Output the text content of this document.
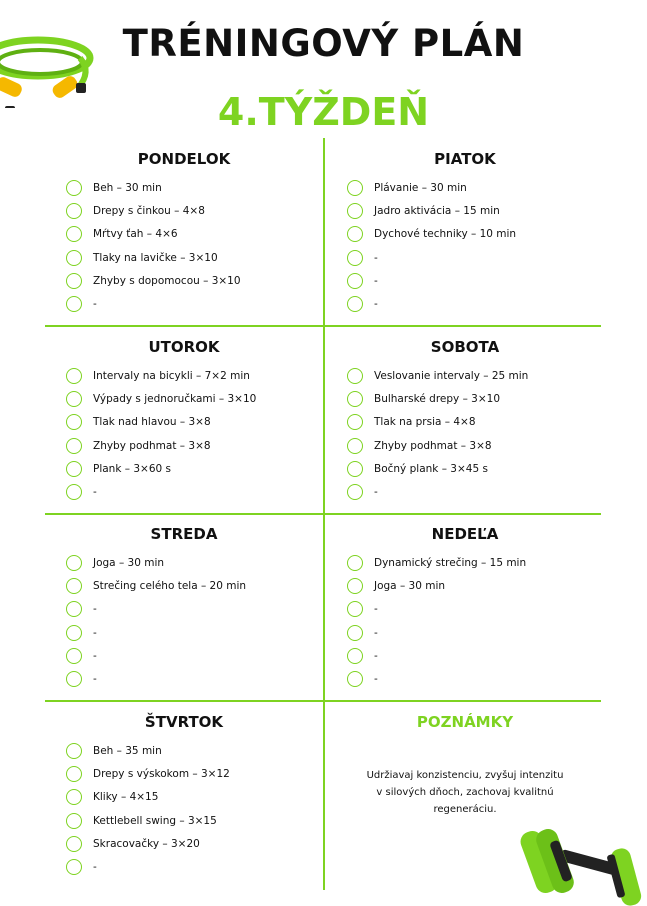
TRÉNINGOVÝ PLÁN
4.TÝŽDEŇ
PONDELOK
Beh – 30 min
Drepy s činkou – 4×8
Mŕtvy ťah – 4×6
Tlaky na lavičke – 3×10
Zhyby s dopomocou – 3×10
-
PIATOK
Plávanie – 30 min
Jadro aktivácia – 15 min
Dychové techniky – 10 min
-
-
-
UTOROK
Intervaly na bicykli – 7×2 min
Výpady s jednoručkami – 3×10
Tlak nad hlavou – 3×8
Zhyby podhmat – 3×8
Plank – 3×60 s
-
SOBOTA
Veslovanie intervaly – 25 min
Bulharské drepy – 3×10
Tlak na prsia – 4×8
Zhyby podhmat – 3×8
Bočný plank – 3×45 s
-
STREDA
Joga – 30 min
Strečing celého tela – 20 min
-
-
-
-
NEDEĽA
Dynamický strečing – 15 min
Joga – 30 min
-
-
-
-
ŠTVRTOK
Beh – 35 min
Drepy s výskokom – 3×12
Kliky – 4×15
Kettlebell swing – 3×15
Skracovačky – 3×20
-
POZNÁMKY
Udržiavaj konzistenciu, zvyšuj intenzitu v silových dňoch, zachovaj kvalitnú regeneráciu.
